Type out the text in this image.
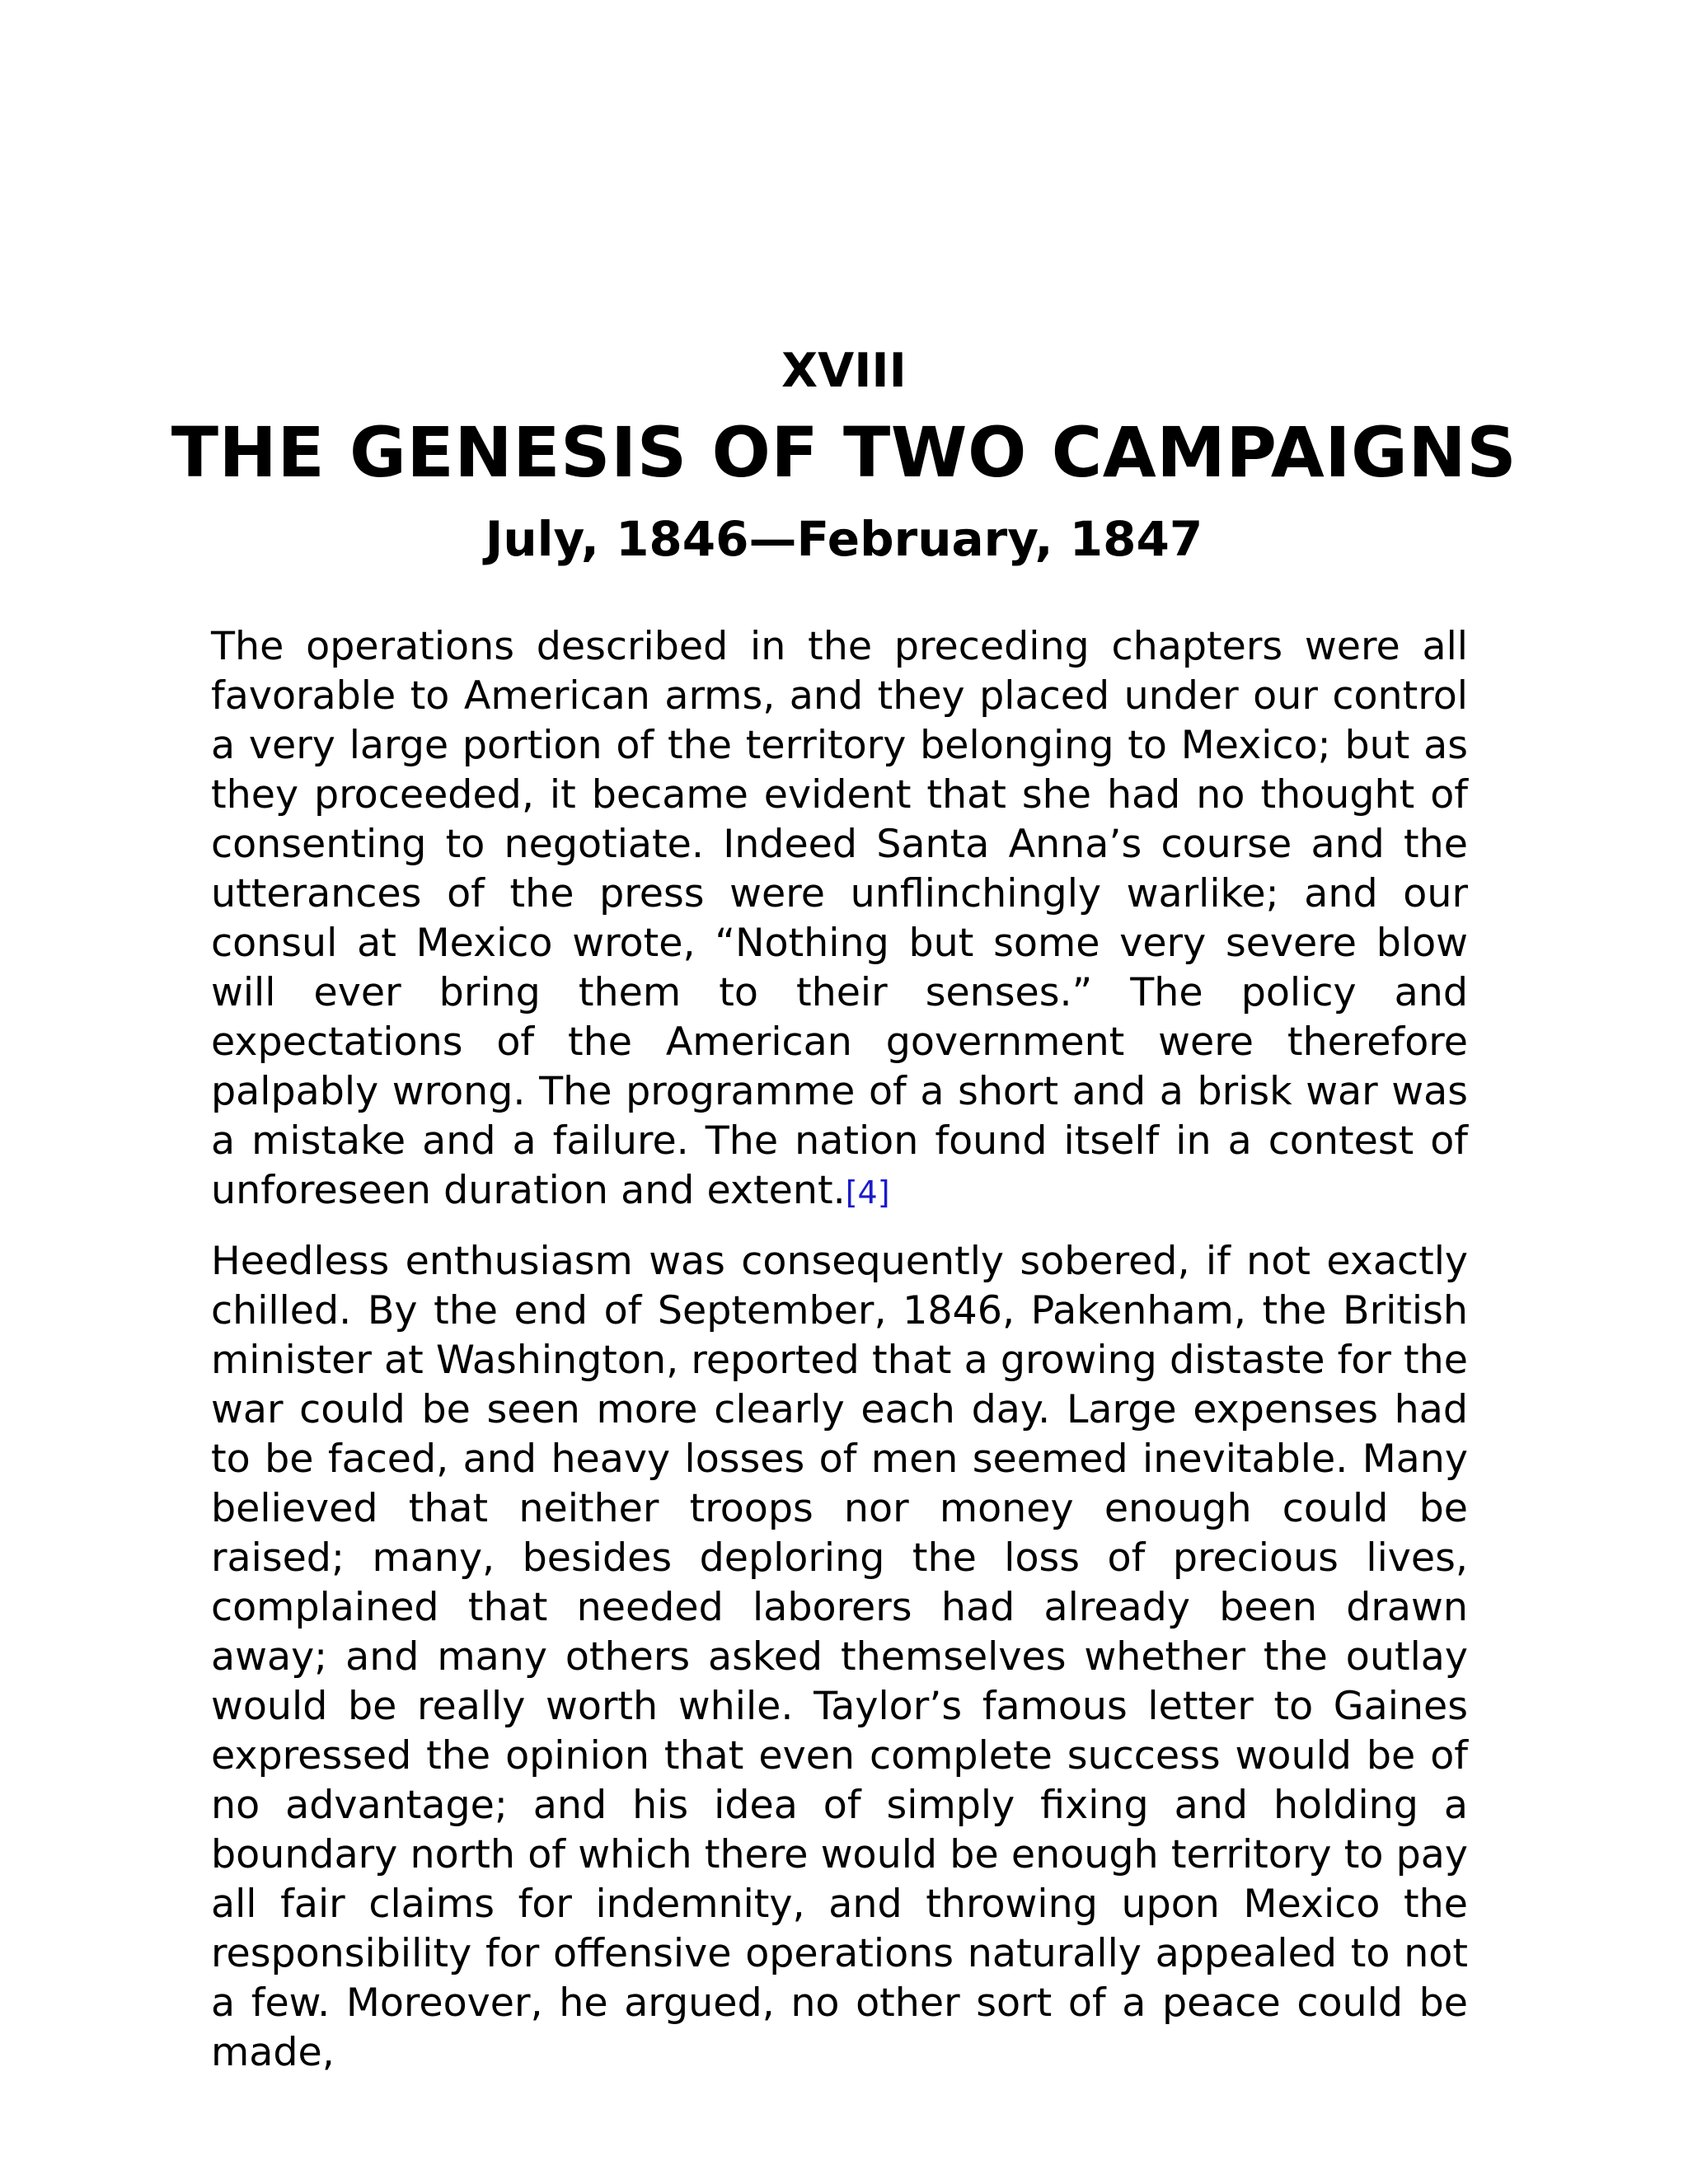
XVIII
THE GENESIS OF TWO CAMPAIGNS
July, 1846—February, 1847

The operations described in the preceding chapters were all favorable to American arms, and they placed under our control a very large portion of the territory belonging to Mexico; but as they proceeded, it became evident that she had no thought of consenting to negotiate. Indeed Santa Anna’s course and the utterances of the press were unflinchingly warlike; and our consul at Mexico wrote, “Nothing but some very severe blow will ever bring them to their senses.” The policy and expectations of the American government were therefore palpably wrong. The programme of a short and a brisk war was a mistake and a failure. The nation found itself in a contest of unforeseen duration and extent.[4]

Heedless enthusiasm was consequently sobered, if not exactly chilled. By the end of September, 1846, Pakenham, the British minister at Washington, reported that a growing distaste for the war could be seen more clearly each day. Large expenses had to be faced, and heavy losses of men seemed inevitable. Many believed that neither troops nor money enough could be raised; many, besides deploring the loss of precious lives, complained that needed laborers had already been drawn away; and many others asked themselves whether the outlay would be really worth while. Taylor’s famous letter to Gaines expressed the opinion that even complete success would be of no advantage; and his idea of simply fixing and holding a boundary north of which there would be enough territory to pay all fair claims for indemnity, and throwing upon Mexico the responsibility for offensive operations naturally appealed to not a few. Moreover, he argued, no other sort of a peace could be made,
